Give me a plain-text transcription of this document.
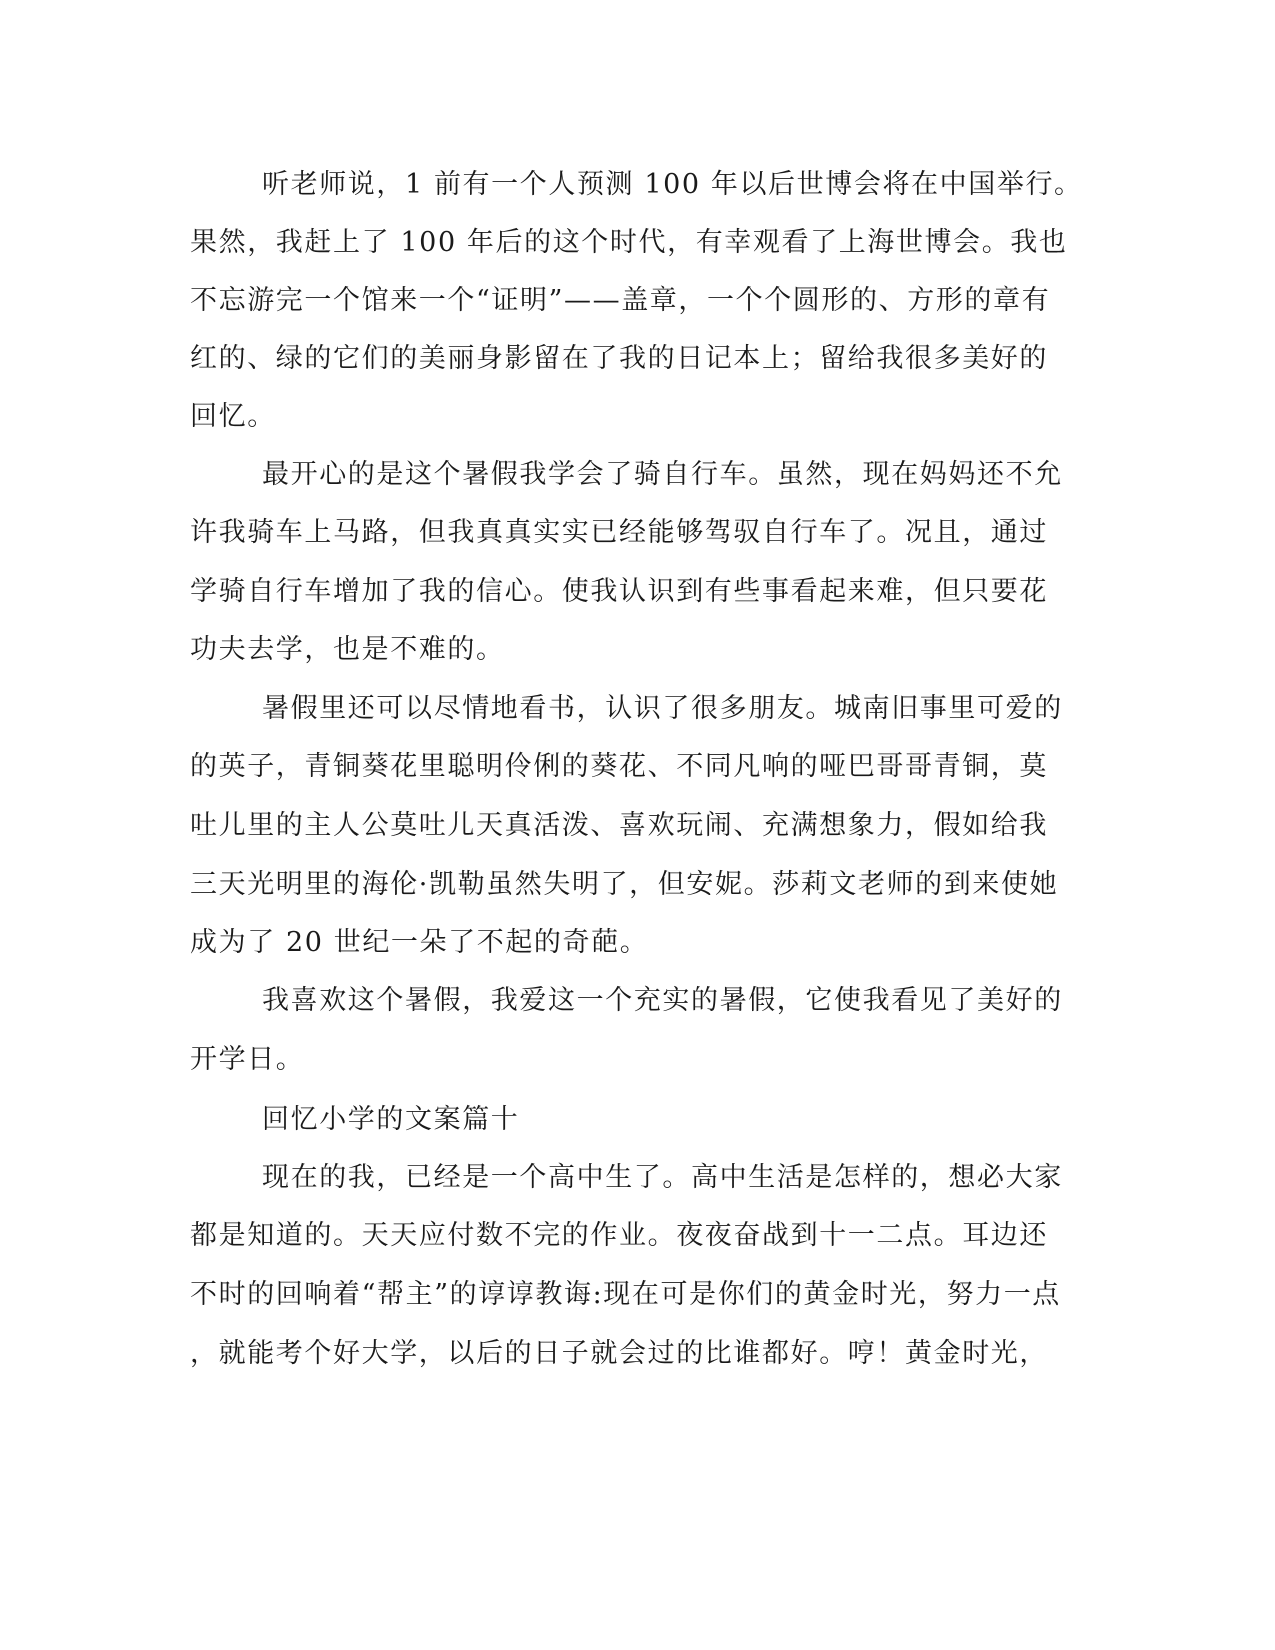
听老师说，1 前有一个人预测 100 年以后世博会将在中国举行。
果然，我赶上了 100 年后的这个时代，有幸观看了上海世博会。我也
不忘游完一个馆来一个“证明”——盖章，一个个圆形的、方形的章有
红的、绿的它们的美丽身影留在了我的日记本上；留给我很多美好的
回忆。
最开心的是这个暑假我学会了骑自行车。虽然，现在妈妈还不允
许我骑车上马路，但我真真实实已经能够驾驭自行车了。况且，通过
学骑自行车增加了我的信心。使我认识到有些事看起来难，但只要花
功夫去学，也是不难的。
暑假里还可以尽情地看书，认识了很多朋友。城南旧事里可爱的
的英子，青铜葵花里聪明伶俐的葵花、不同凡响的哑巴哥哥青铜，莫
吐儿里的主人公莫吐儿天真活泼、喜欢玩闹、充满想象力，假如给我
三天光明里的海伦·凯勒虽然失明了，但安妮。莎莉文老师的到来使她
成为了 20 世纪一朵了不起的奇葩。
我喜欢这个暑假，我爱这一个充实的暑假，它使我看见了美好的
开学日。
回忆小学的文案篇十
现在的我，已经是一个高中生了。高中生活是怎样的，想必大家
都是知道的。天天应付数不完的作业。夜夜奋战到十一二点。耳边还
不时的回响着“帮主”的谆谆教诲:现在可是你们的黄金时光，努力一点
，就能考个好大学，以后的日子就会过的比谁都好。哼！黄金时光，
